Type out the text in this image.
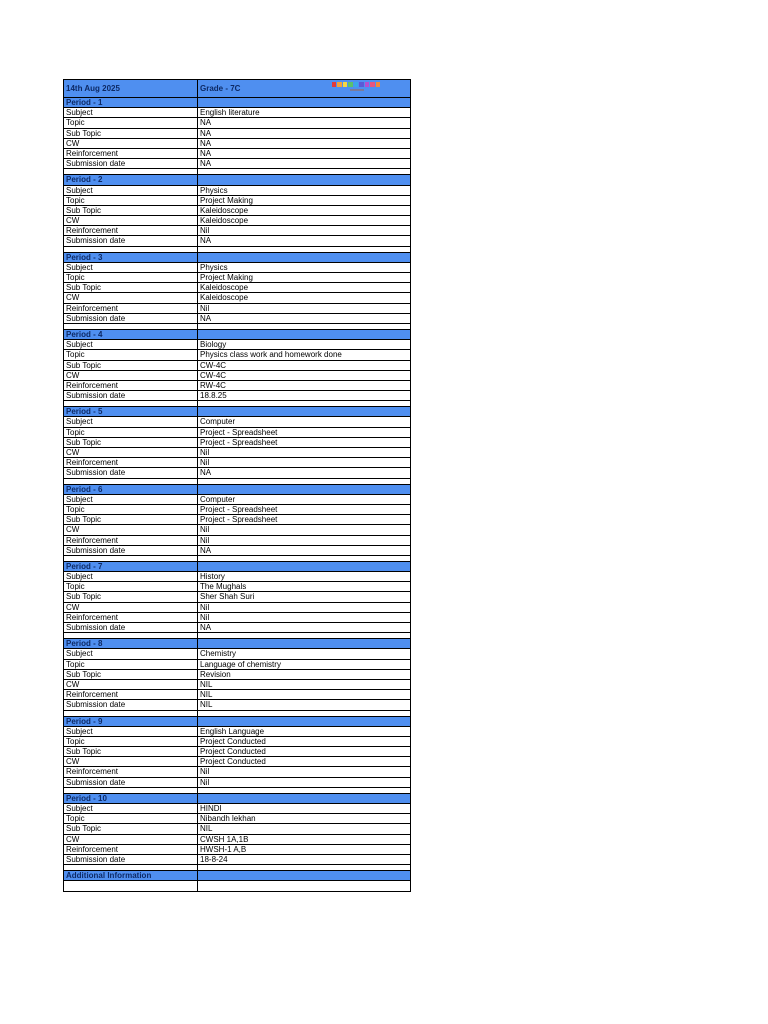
14th Aug 2025	Grade - 7C
Period - 1
Subject	English literature
Topic	NA
Sub Topic	NA
CW	NA
Reinforcement	NA
Submission date	NA
Period - 2
Subject	Physics
Topic	Project Making
Sub Topic	Kaleidoscope
CW	Kaleidoscope
Reinforcement	Nil
Submission date	NA
Period - 3
Subject	Physics
Topic	Project Making
Sub Topic	Kaleidoscope
CW	Kaleidoscope
Reinforcement	Nil
Submission date	NA
Period - 4
Subject	Biology
Topic	Physics class work and homework done
Sub Topic	CW-4C
CW	CW-4C
Reinforcement	RW-4C
Submission date	18.8.25
Period - 5
Subject	Computer
Topic	Project - Spreadsheet
Sub Topic	Project - Spreadsheet
CW	Nil
Reinforcement	Nil
Submission date	NA
Period - 6
Subject	Computer
Topic	Project - Spreadsheet
Sub Topic	Project - Spreadsheet
CW	Nil
Reinforcement	Nil
Submission date	NA
Period - 7
Subject	History
Topic	The Mughals
Sub Topic	Sher Shah Suri
CW	Nil
Reinforcement	Nil
Submission date	NA
Period - 8
Subject	Chemistry
Topic	Language of chemistry
Sub Topic	Revision
CW	NIL
Reinforcement	NIL
Submission date	NIL
Period - 9
Subject	English Language
Topic	Project Conducted
Sub Topic	Project Conducted
CW	Project Conducted
Reinforcement	Nil
Submission date	Nil
Period - 10
Subject	HINDI
Topic	Nibandh lekhan
Sub Topic	NIL
CW	CWSH 1A,1B
Reinforcement	HWSH-1 A,B
Submission date	18-8-24
Additional Information
